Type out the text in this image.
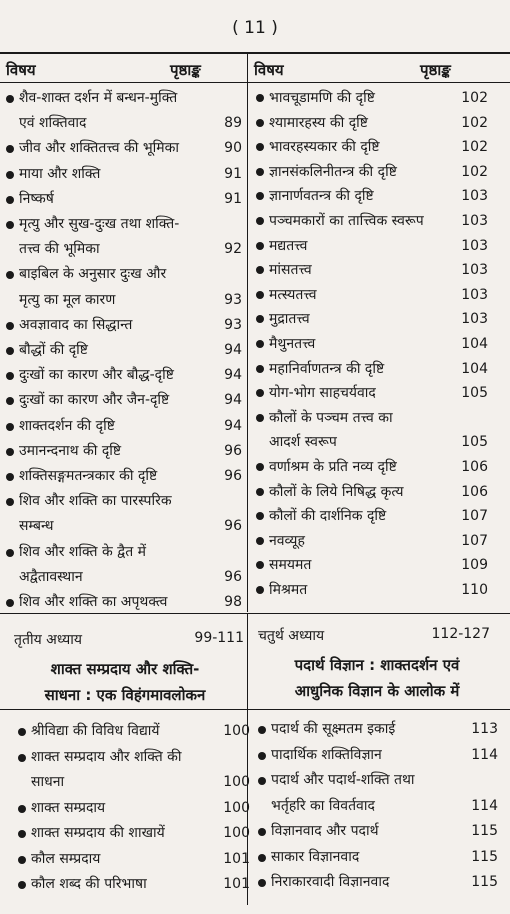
( 11 )
विषय	पृष्ठाङ्क	विषय	पृष्ठाङ्क
शैव-शाक्त दर्शन में बन्धन-मुक्ति
एवं शक्तिवाद	89
जीव और शक्तितत्त्व की भूमिका	90
माया और शक्ति	91
निष्कर्ष	91
मृत्यु और सुख-दुःख तथा शक्ति-
तत्त्व की भूमिका	92
बाइबिल के अनुसार दुःख और
मृत्यु का मूल कारण	93
अवज्ञावाद का सिद्धान्त	93
बौद्धों की दृष्टि	94
दुःखों का कारण और बौद्ध-दृष्टि	94
दुःखों का कारण और जैन-दृष्टि	94
शाक्तदर्शन की दृष्टि	94
उमानन्दनाथ की दृष्टि	96
शक्तिसङ्गमतन्त्रकार की दृष्टि	96
शिव और शक्ति का पारस्परिक
सम्बन्ध	96
शिव और शक्ति के द्वैत में
अद्वैतावस्थान	96
शिव और शक्ति का अपृथक्त्व	98
भावचूडामणि की दृष्टि	102
श्यामारहस्य की दृष्टि	102
भावरहस्यकार की दृष्टि	102
ज्ञानसंकलिनीतन्त्र की दृष्टि	102
ज्ञानार्णवतन्त्र की दृष्टि	103
पञ्चमकारों का तात्त्विक स्वरूप	103
मद्यतत्त्व	103
मांसतत्त्व	103
मत्स्यतत्त्व	103
मुद्रातत्त्व	103
मैथुनतत्त्व	104
महानिर्वाणतन्त्र की दृष्टि	104
योग-भोग साहचर्यवाद	105
कौलों के पञ्चम तत्त्व का
आदर्श स्वरूप	105
वर्णाश्रम के प्रति नव्य दृष्टि	106
कौलों के लिये निषिद्ध कृत्य	106
कौलों की दार्शनिक दृष्टि	107
नवव्यूह	107
समयमत	109
मिश्रमत	110
तृतीय अध्याय	99-111
शाक्त सम्प्रदाय और शक्ति-
साधना : एक विहंगमावलोकन
चतुर्थ अध्याय	112-127
पदार्थ विज्ञान : शाक्तदर्शन एवं
आधुनिक विज्ञान के आलोक में
श्रीविद्या की विविध विद्यायें	100
शाक्त सम्प्रदाय और शक्ति की
साधना	100
शाक्त सम्प्रदाय	100
शाक्त सम्प्रदाय की शाखायें	100
कौल सम्प्रदाय	101
कौल शब्द की परिभाषा	101
पदार्थ की सूक्ष्मतम इकाई	113
पादार्थिक शक्तिविज्ञान	114
पदार्थ और पदार्थ-शक्ति तथा
भर्तृहरि का विवर्तवाद	114
विज्ञानवाद और पदार्थ	115
साकार विज्ञानवाद	115
निराकारवादी विज्ञानवाद	115
